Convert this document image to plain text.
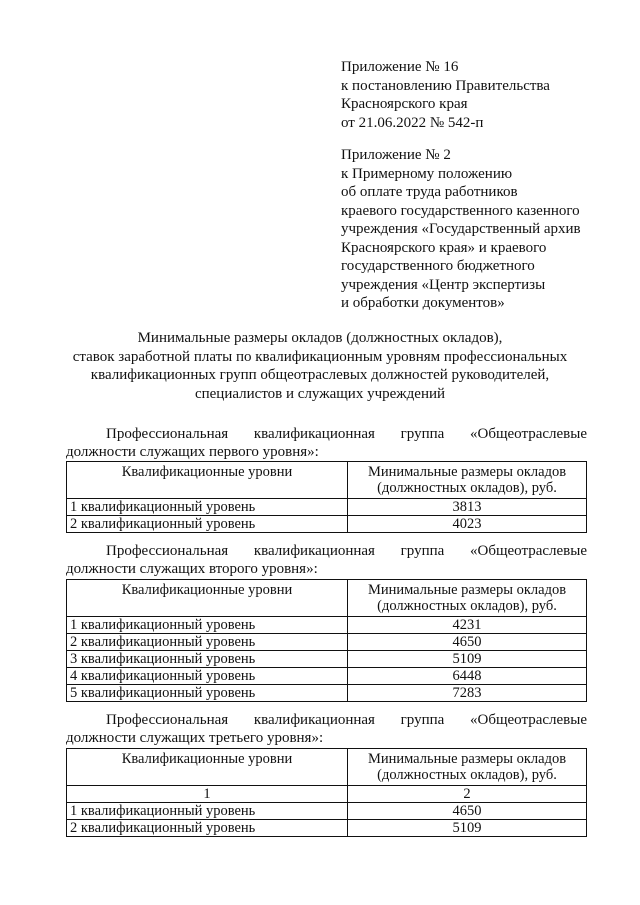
Приложение № 16
к постановлению Правительства
Красноярского края
от 21.06.2022 № 542-п
Приложение № 2
к Примерному положению
об оплате труда работников
краевого государственного казенного
учреждения «Государственный архив
Красноярского края» и краевого
государственного бюджетного
учреждения «Центр экспертизы
и обработки документов»
Минимальные размеры окладов (должностных окладов),
ставок заработной платы по квалификационным уровням профессиональных
квалификационных групп общеотраслевых должностей руководителей,
специалистов и служащих учреждений
Профессиональная квалификационная группа «Общеотраслевые
должности служащих первого уровня»:
Квалификационные уровни	Минимальные размеры окладов (должностных окладов), руб.
1 квалификационный уровень	3813
2 квалификационный уровень	4023
Профессиональная квалификационная группа «Общеотраслевые
должности служащих второго уровня»:
Квалификационные уровни	Минимальные размеры окладов (должностных окладов), руб.
1 квалификационный уровень	4231
2 квалификационный уровень	4650
3 квалификационный уровень	5109
4 квалификационный уровень	6448
5 квалификационный уровень	7283
Профессиональная квалификационная группа «Общеотраслевые
должности служащих третьего уровня»:
Квалификационные уровни	Минимальные размеры окладов (должностных окладов), руб.
1	2
1 квалификационный уровень	4650
2 квалификационный уровень	5109
